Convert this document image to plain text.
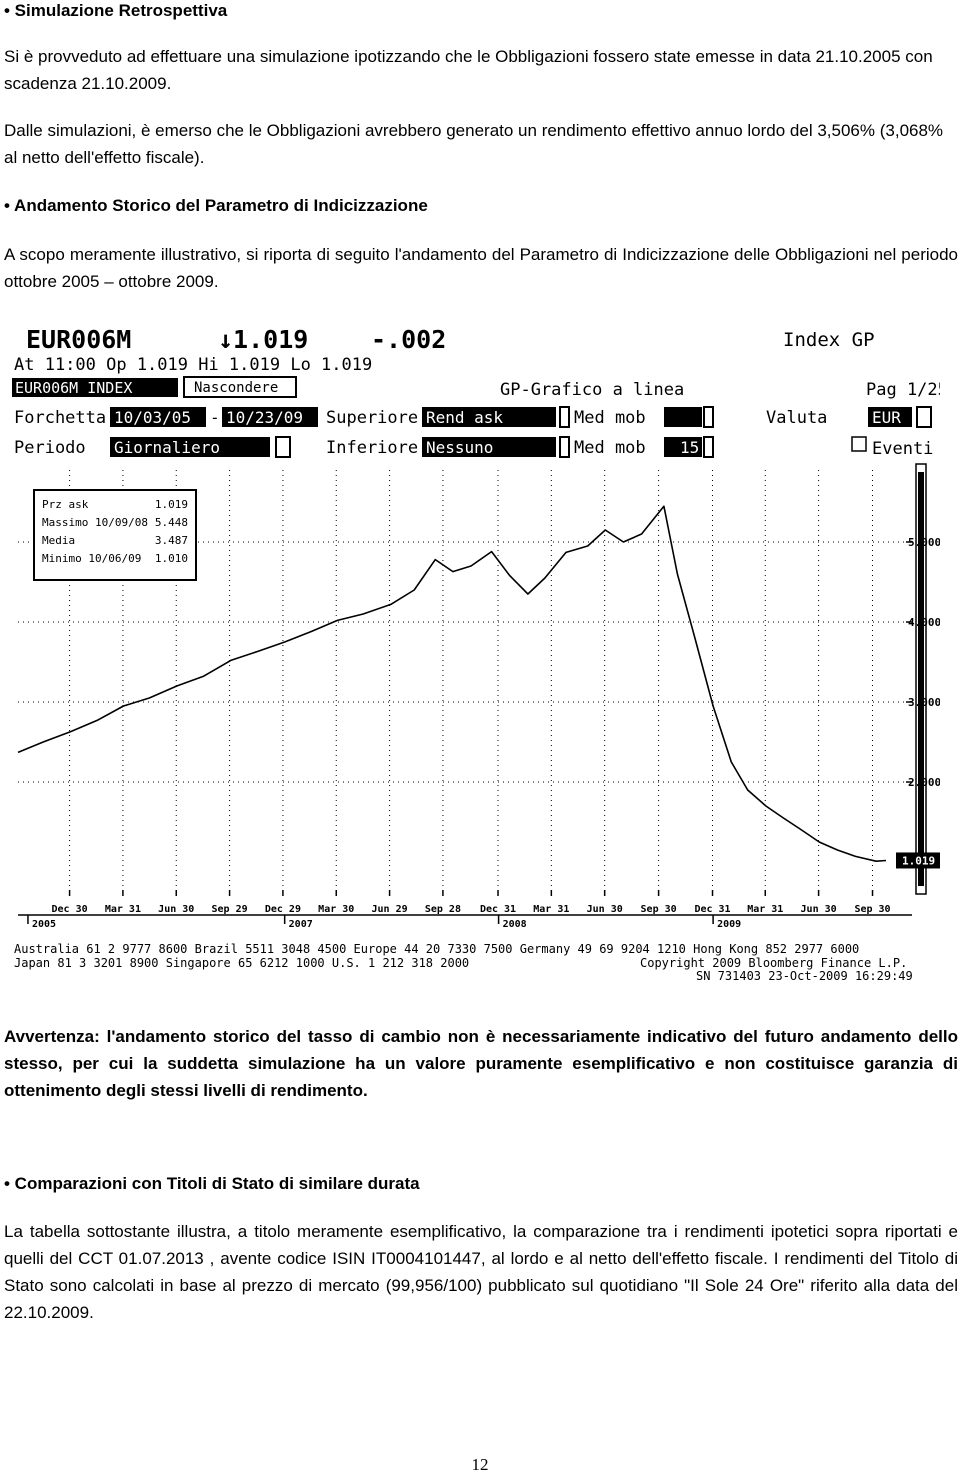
• Simulazione Retrospettiva
Si è provveduto ad effettuare una simulazione ipotizzando che le Obbligazioni fossero state emesse in data 21.10.2005 con scadenza 21.10.2009.
Dalle simulazioni, è emerso che le Obbligazioni avrebbero generato un rendimento effettivo annuo lordo del 3,506% (3,068% al netto dell'effetto fiscale).
• Andamento Storico del Parametro di Indicizzazione
A scopo meramente illustrativo, si riporta di seguito l'andamento del Parametro di Indicizzazione delle Obbligazioni nel periodo ottobre 2005 – ottobre 2009.
EUR006M	↓1.019	-.002	Index GP
At 11:00 Op 1.019 Hi 1.019 Lo 1.019
EUR006M INDEX	Nascondere	GP-Grafico a linea	Pag 1/25
Forchetta 10/03/05 - 10/23/09 Superiore Rend ask	Med mob	Valuta	EUR
Periodo Giornaliero	Inferiore Nessuno	Med mob 15	Eventi
5.000
4.000
3.000
2.000
Dec 30 Mar 31 Jun 30 Sep 29 Dec 29 Mar 30 Jun 29 Sep 28 Dec 31 Mar 31 Jun 30 Sep 30 Dec 31 Mar 31 Jun 30 Sep 30
2005	2007	2008	2009
1.019
Prz ask	1.019
Massimo 10/09/08 5.448
Media	3.487
Minimo 10/06/09 1.010
Australia 61 2 9777 8600 Brazil 5511 3048 4500 Europe 44 20 7330 7500 Germany 49 69 9204 1210 Hong Kong 852 2977 6000
Japan 81 3 3201 8900 Singapore 65 6212 1000 U.S. 1 212 318 2000	Copyright 2009 Bloomberg Finance L.P.
SN 731403 23-Oct-2009 16:29:49
Avvertenza: l'andamento storico del tasso di cambio non è necessariamente indicativo del futuro andamento dello stesso, per cui la suddetta simulazione ha un valore puramente esemplificativo e non costituisce garanzia di ottenimento degli stessi livelli di rendimento.
• Comparazioni con Titoli di Stato di similare durata
La tabella sottostante illustra, a titolo meramente esemplificativo, la comparazione tra i rendimenti ipotetici sopra riportati e quelli del CCT 01.07.2013 , avente codice ISIN IT0004101447, al lordo e al netto dell'effetto fiscale. I rendimenti del Titolo di Stato sono calcolati in base al prezzo di mercato (99,956/100) pubblicato sul quotidiano "Il Sole 24 Ore" riferito alla data del 22.10.2009.
12
